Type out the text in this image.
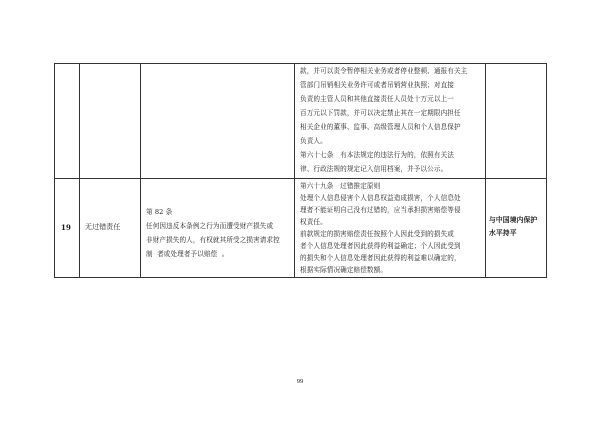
款，并可以责令暂停相关业务或者停业整顿、通报有关主
管部门吊销相关业务许可或者吊销营业执照；对直接
负责的主管人员和其他直接责任人员处十万元以上一
百万元以下罚款，并可以决定禁止其在一定期限内担任
相关企业的董事、监事、高级管理人员和个人信息保护
负责人。
第六十七条　有本法规定的违法行为的，依照有关法
律、行政法规的规定记入信用档案，并予以公示。
19 无过错责任
第 82 条
任何因违反本条例之行为而遭受财产损失或
非财产损失的人，有权就其所受之损害请求控
制  者或处理者予以赔偿  。
第六十九条　过错推定原则
处理个人信息侵害个人信息权益造成损害，个人信息处
理者不能证明自己没有过错的，应当承担损害赔偿等侵
权责任。
前款规定的损害赔偿责任按照个人因此受到的损失或
者个人信息处理者因此获得的利益确定；个人因此受到
的损失和个人信息处理者因此获得的利益难以确定的，
根据实际情况确定赔偿数额。
与中国境内保护
水平持平
99
